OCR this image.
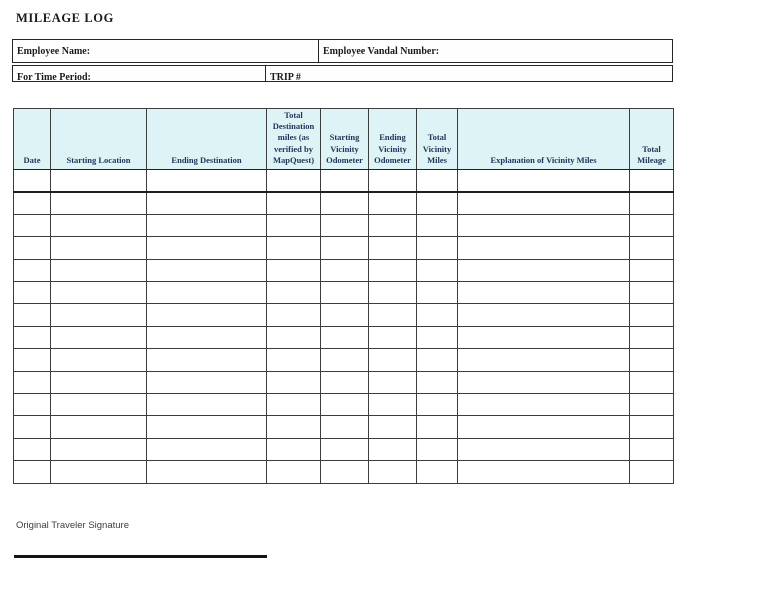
MILEAGE LOG
Employee Name:	Employee Vandal Number:
For Time Period:	TRIP #
Date	Starting Location	Ending Destination	Total Destination miles (as verified by MapQuest)	Starting Vicinity Odometer	Ending Vicinity Odometer	Total Vicinity Miles	Explanation of Vicinity Miles	Total Mileage

Original Traveler Signature
